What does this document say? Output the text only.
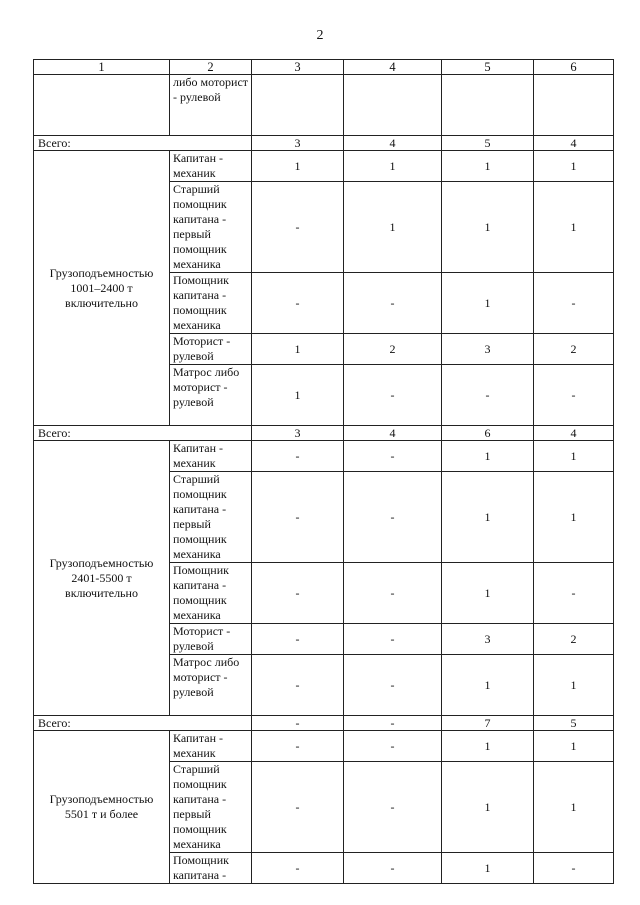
2
1	2	3	4	5	6
	либо моторист - рулевой				
Всего:		3	4	5	4
Грузоподъемностью 1001–2400 т включительно	Капитан - механик	1	1	1	1
	Старший помощник капитана - первый помощник механика	-	1	1	1
	Помощник капитана - помощник механика	-	-	1	-
	Моторист - рулевой	1	2	3	2
	Матрос либо моторист - рулевой	1	-	-	-
Всего:		3	4	6	4
Грузоподъемностью 2401-5500 т включительно	Капитан - механик	-	-	1	1
	Старший помощник капитана - первый помощник механика	-	-	1	1
	Помощник капитана - помощник механика	-	-	1	-
	Моторист - рулевой	-	-	3	2
	Матрос либо моторист - рулевой	-	-	1	1
Всего:		-	-	7	5
Грузоподъемностью 5501 т и более	Капитан - механик	-	-	1	1
	Старший помощник капитана - первый помощник механика	-	-	1	1
	Помощник капитана -	-	-	1	-
